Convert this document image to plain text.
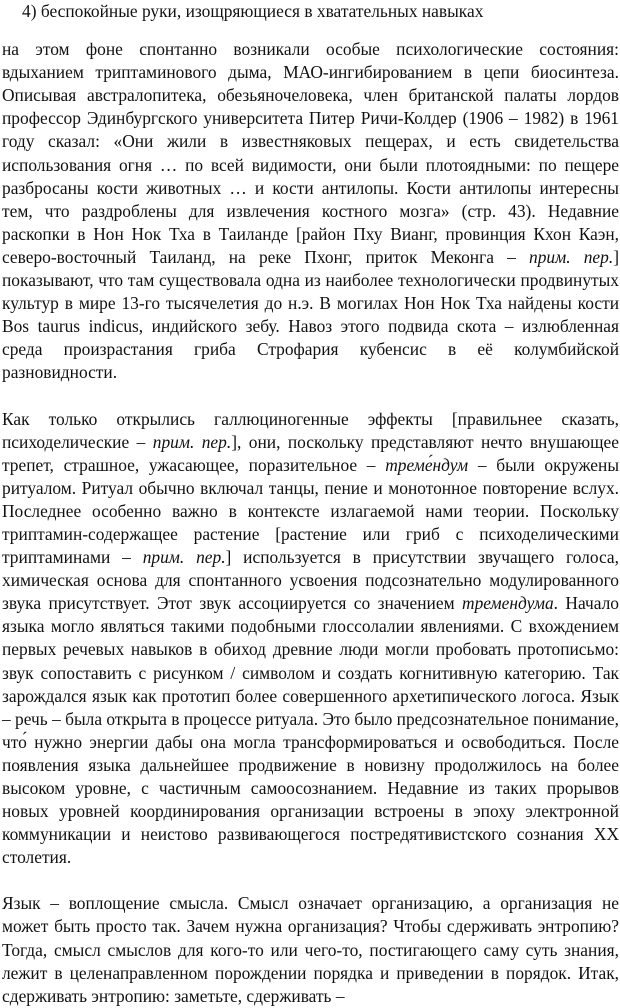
4) беспокойные руки, изощряющиеся в хватательных навыках

на этом фоне спонтанно возникали особые психологические состояния: вдыханием триптаминового дыма, МАО-ингибированием в цепи биосинтеза. Описывая австралопитека, обезьяночеловека, член британской палаты лордов профессор Эдинбургского университета Питер Ричи-Колдер (1906 – 1982) в 1961 году сказал: «Они жили в известняковых пещерах, и есть свидетельства использования огня … по всей видимости, они были плотоядными: по пещере разбросаны кости животных … и кости антилопы. Кости антилопы интересны тем, что раздроблены для извлечения костного мозга» (стр. 43). Недавние раскопки в Нон Нок Тха в Таиланде [район Пху Вианг, провинция Кхон Каэн, северо-восточный Таиланд, на реке Пхонг, приток Меконга – прим. пер.] показывают, что там существовала одна из наиболее технологически продвинутых культур в мире 13-го тысячелетия до н.э. В могилах Нон Нок Тха найдены кости Bos taurus indicus, индийского зебу. Навоз этого подвида скота – излюбленная среда произрастания гриба Строфария кубенсис в её колумбийской разновидности.

Как только открылись галлюциногенные эффекты [правильнее сказать, психоделические – прим. пер.], они, поскольку представляют нечто внушающее трепет, страшное, ужасающее, поразительное – треме́ндум – были окружены ритуалом. Ритуал обычно включал танцы, пение и монотонное повторение вслух. Последнее особенно важно в контексте излагаемой нами теории. Поскольку триптамин-содержащее растение [растение или гриб с психоделическими триптаминами – прим. пер.] используется в присутствии звучащего голоса, химическая основа для спонтанного усвоения подсознательно модулированного звука присутствует. Этот звук ассоциируется со значением тремендума. Начало языка могло являться такими подобными глоссолалии явлениями. С вхождением первых речевых навыков в обиход древние люди могли пробовать протописьмо: звук сопоставить с рисунком / символом и создать когнитивную категорию. Так зарождался язык как прототип более совершенного архетипического логоса. Язык – речь – была открыта в процессе ритуала. Это было предсознательное понимание, что́ нужно энергии дабы она могла трансформироваться и освободиться. После появления языка дальнейшее продвижение в новизну продолжилось на более высоком уровне, с частичным самоосознанием. Недавние из таких прорывов новых уровней координирования организации встроены в эпоху электронной коммуникации и неистово развивающегося постредятивистского сознания XX столетия.

Язык – воплощение смысла. Смысл означает организацию, а организация не может быть просто так. Зачем нужна организация? Чтобы сдерживать энтропию? Тогда, смысл смыслов для кого-то или чего-то, постигающего саму суть знания, лежит в целенаправленном порождении порядка и приведении в порядок. Итак, сдерживать энтропию: заметьте, сдерживать –
